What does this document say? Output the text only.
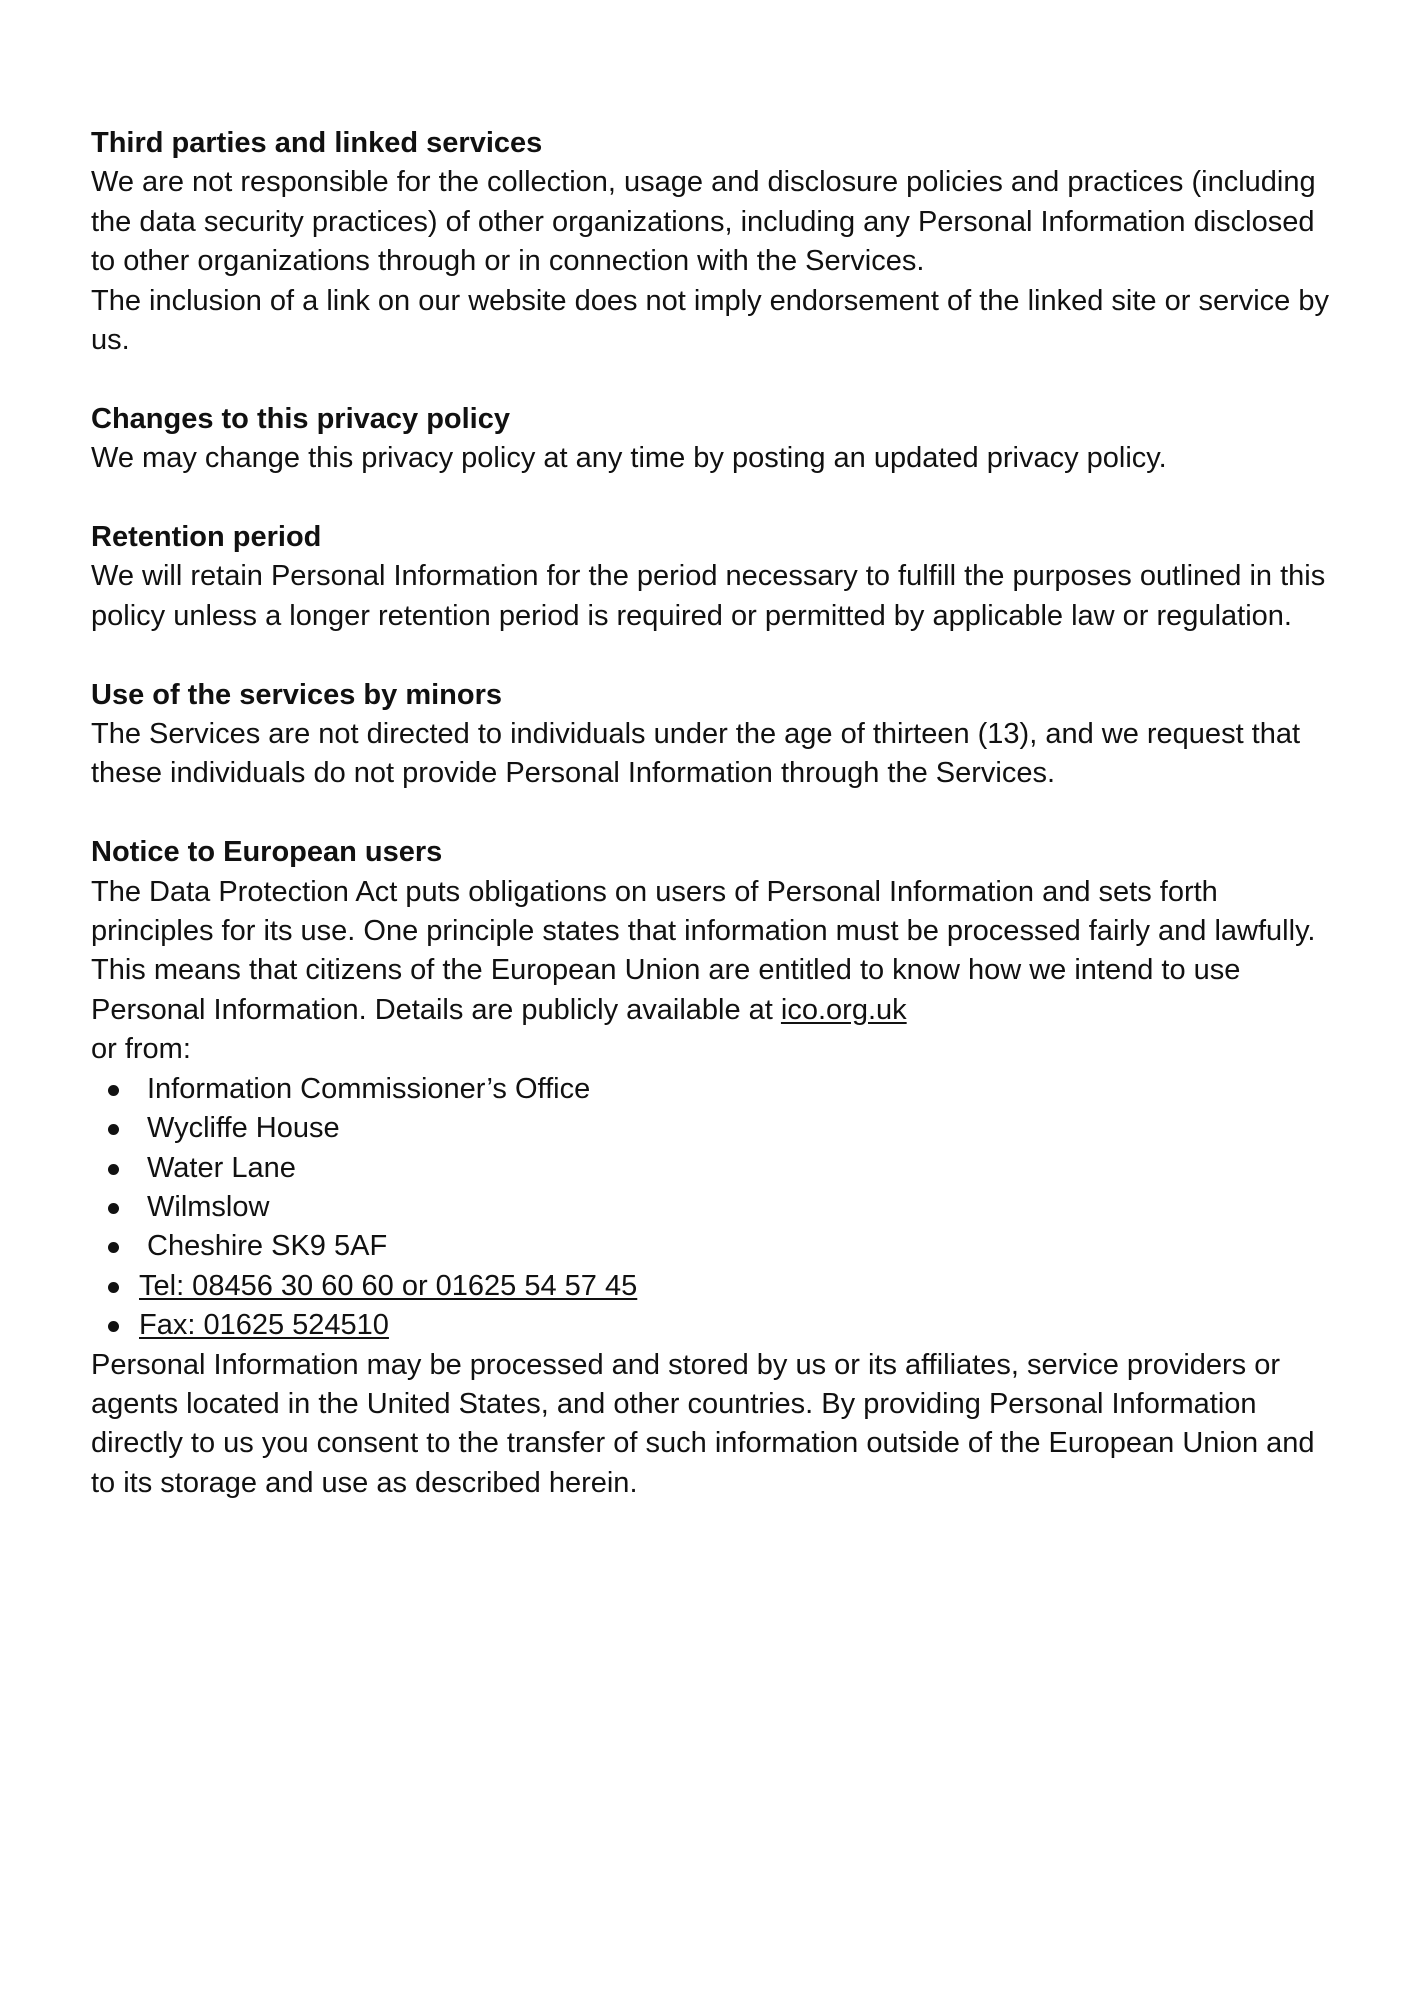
Third parties and linked services
We are not responsible for the collection, usage and disclosure policies and practices (including the data security practices) of other organizations, including any Personal Information disclosed to other organizations through or in connection with the Services.
The inclusion of a link on our website does not imply endorsement of the linked site or service by us.
Changes to this privacy policy
We may change this privacy policy at any time by posting an updated privacy policy.
Retention period
We will retain Personal Information for the period necessary to fulfill the purposes outlined in this policy unless a longer retention period is required or permitted by applicable law or regulation.
Use of the services by minors
The Services are not directed to individuals under the age of thirteen (13), and we request that these individuals do not provide Personal Information through the Services.
Notice to European users
The Data Protection Act puts obligations on users of Personal Information and sets forth principles for its use. One principle states that information must be processed fairly and lawfully. This means that citizens of the European Union are entitled to know how we intend to use Personal Information. Details are publicly available at ico.org.uk
or from:
Information Commissioner’s Office
Wycliffe House
Water Lane
Wilmslow
Cheshire SK9 5AF
Tel: 08456 30 60 60 or 01625 54 57 45
Fax: 01625 524510
Personal Information may be processed and stored by us or its affiliates, service providers or agents located in the United States, and other countries. By providing Personal Information directly to us you consent to the transfer of such information outside of the European Union and to its storage and use as described herein.
